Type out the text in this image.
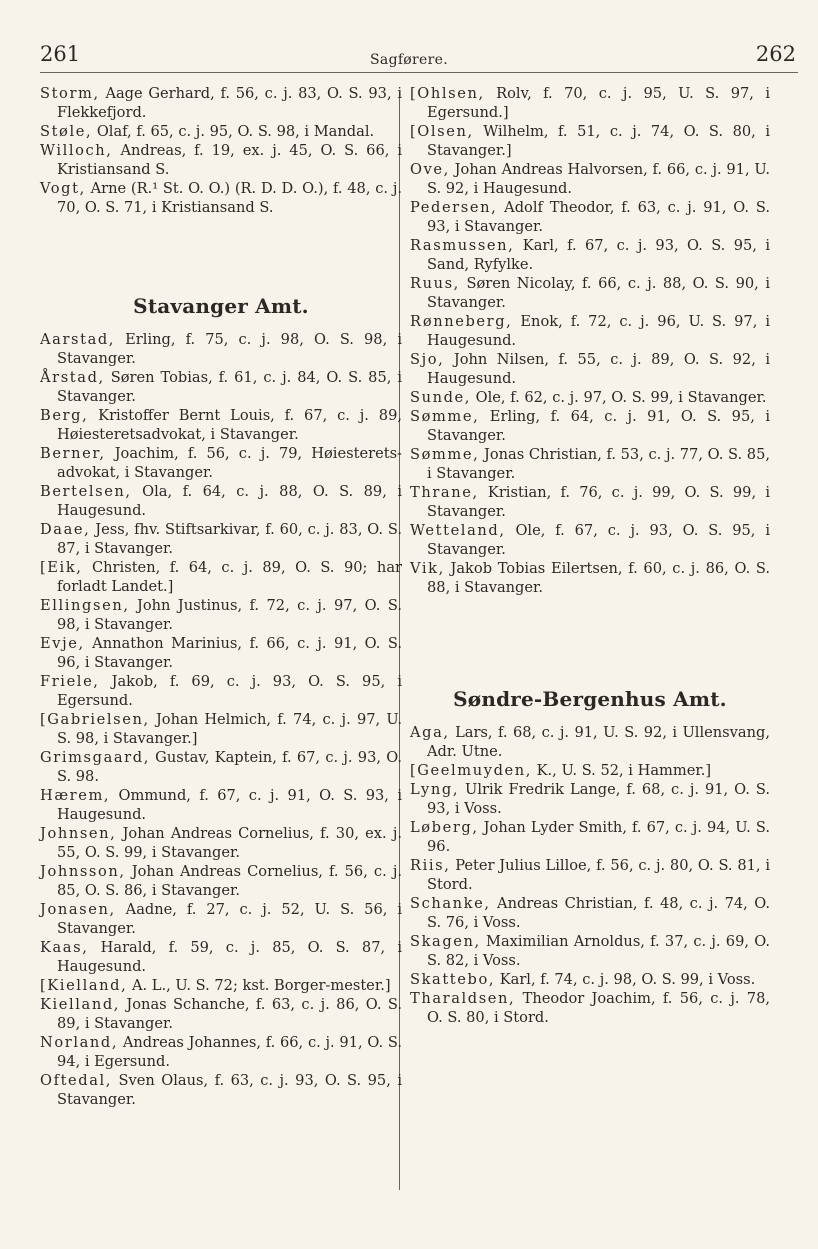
261	Sagførere.	262

Storm, Aage Gerhard, f. 56, c. j. 83, O. S. 93, i Flekkefjord.

Støle, Olaf, f. 65, c. j. 95, O. S. 98, i Mandal.

Willoch, Andreas, f. 19, ex. j. 45, O. S. 66, i Kristiansand S.

Vogt, Arne (R.¹ St. O. O.) (R. D. D. O.), f. 48, c. j. 70, O. S. 71, i Kristiansand S.

Stavanger Amt.

Aarstad, Erling, f. 75, c. j. 98, O. S. 98, i Stavanger.

Årstad, Søren Tobias, f. 61, c. j. 84, O. S. 85, i Stavanger.

Berg, Kristoffer Bernt Louis, f. 67, c. j. 89, Høiesteretsadvokat, i Stavanger.

Berner, Joachim, f. 56, c. j. 79, Høiesterets-advokat, i Stavanger.

Bertelsen, Ola, f. 64, c. j. 88, O. S. 89, i Haugesund.

Daae, Jess, fhv. Stiftsarkivar, f. 60, c. j. 83, O. S. 87, i Stavanger.

[Eik, Christen, f. 64, c. j. 89, O. S. 90; har forladt Landet.]

Ellingsen, John Justinus, f. 72, c. j. 97, O. S. 98, i Stavanger.

Evje, Annathon Marinius, f. 66, c. j. 91, O. S. 96, i Stavanger.

Friele, Jakob, f. 69, c. j. 93, O. S. 95, i Egersund.

[Gabrielsen, Johan Helmich, f. 74, c. j. 97, U. S. 98, i Stavanger.]

Grimsgaard, Gustav, Kaptein, f. 67, c. j. 93, O. S. 98.

Hærem, Ommund, f. 67, c. j. 91, O. S. 93, i Haugesund.

Johnsen, Johan Andreas Cornelius, f. 30, ex. j. 55, O. S. 99, i Stavanger.

Johnsson, Johan Andreas Cornelius, f. 56, c. j. 85, O. S. 86, i Stavanger.

Jonasen, Aadne, f. 27, c. j. 52, U. S. 56, i Stavanger.

Kaas, Harald, f. 59, c. j. 85, O. S. 87, i Haugesund.

[Kielland, A. L., U. S. 72; kst. Borger-mester.]

Kielland, Jonas Schanche, f. 63, c. j. 86, O. S. 89, i Stavanger.

Norland, Andreas Johannes, f. 66, c. j. 91, O. S. 94, i Egersund.

Oftedal, Sven Olaus, f. 63, c. j. 93, O. S. 95, i Stavanger.

[Ohlsen, Rolv, f. 70, c. j. 95, U. S. 97, i Egersund.]

[Olsen, Wilhelm, f. 51, c. j. 74, O. S. 80, i Stavanger.]

Ove, Johan Andreas Halvorsen, f. 66, c. j. 91, U. S. 92, i Haugesund.

Pedersen, Adolf Theodor, f. 63, c. j. 91, O. S. 93, i Stavanger.

Rasmussen, Karl, f. 67, c. j. 93, O. S. 95, i Sand, Ryfylke.

Ruus, Søren Nicolay, f. 66, c. j. 88, O. S. 90, i Stavanger.

Rønneberg, Enok, f. 72, c. j. 96, U. S. 97, i Haugesund.

Sjo, John Nilsen, f. 55, c. j. 89, O. S. 92, i Haugesund.

Sunde, Ole, f. 62, c. j. 97, O. S. 99, i Stavanger.

Sømme, Erling, f. 64, c. j. 91, O. S. 95, i Stavanger.

Sømme, Jonas Christian, f. 53, c. j. 77, O. S. 85, i Stavanger.

Thrane, Kristian, f. 76, c. j. 99, O. S. 99, i Stavanger.

Wetteland, Ole, f. 67, c. j. 93, O. S. 95, i Stavanger.

Vik, Jakob Tobias Eilertsen, f. 60, c. j. 86, O. S. 88, i Stavanger.

Søndre-Bergenhus Amt.

Aga, Lars, f. 68, c. j. 91, U. S. 92, i Ullensvang, Adr. Utne.

[Geelmuyden, K., U. S. 52, i Hammer.]

Lyng, Ulrik Fredrik Lange, f. 68, c. j. 91, O. S. 93, i Voss.

Løberg, Johan Lyder Smith, f. 67, c. j. 94, U. S. 96.

Riis, Peter Julius Lilloe, f. 56, c. j. 80, O. S. 81, i Stord.

Schanke, Andreas Christian, f. 48, c. j. 74, O. S. 76, i Voss.

Skagen, Maximilian Arnoldus, f. 37, c. j. 69, O. S. 82, i Voss.

Skattebo, Karl, f. 74, c. j. 98, O. S. 99, i Voss.

Tharaldsen, Theodor Joachim, f. 56, c. j. 78, O. S. 80, i Stord.
